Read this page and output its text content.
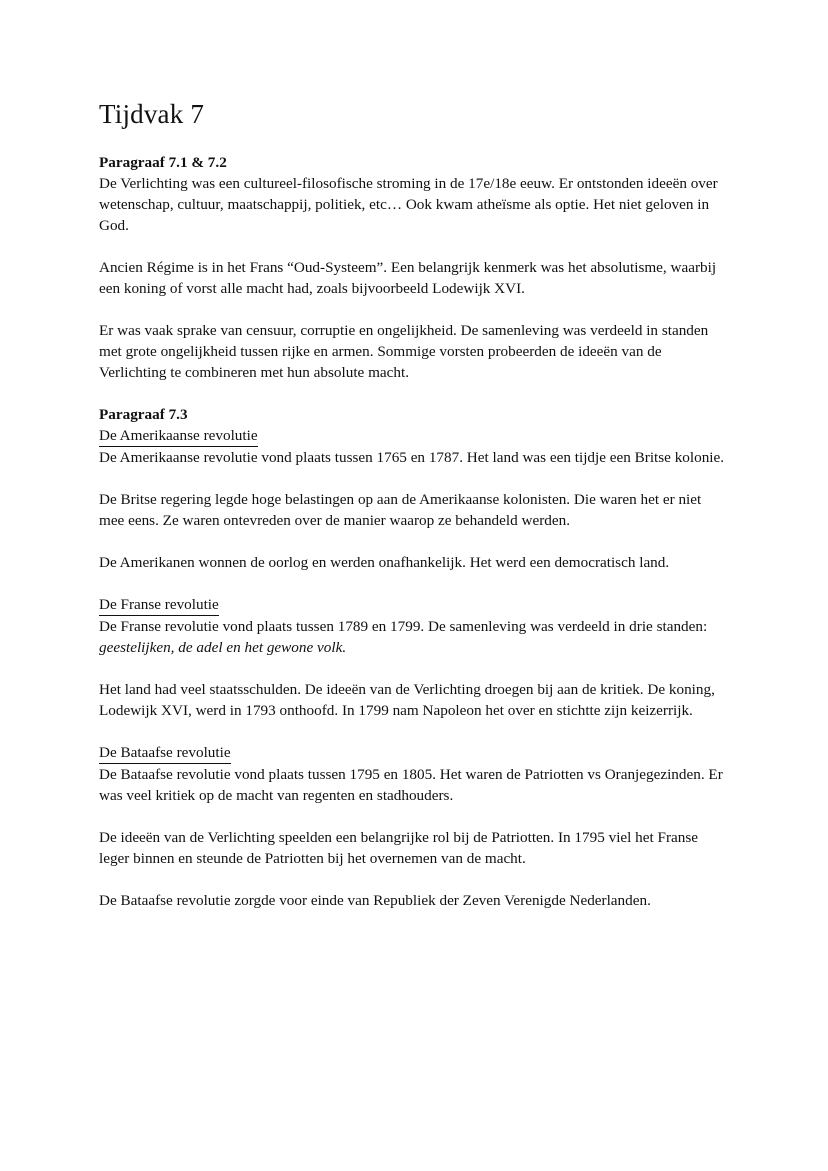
Tijdvak 7
Paragraaf 7.1 & 7.2

De Verlichting was een cultureel-filosofische stroming in de 17e/18e eeuw. Er ontstonden ideeën over wetenschap, cultuur, maatschappij, politiek, etc… Ook kwam atheïsme als optie. Het niet geloven in God.

Ancien Régime is in het Frans “Oud-Systeem”. Een belangrijk kenmerk was het absolutisme, waarbij een koning of vorst alle macht had, zoals bijvoorbeeld Lodewijk XVI.

Er was vaak sprake van censuur, corruptie en ongelijkheid. De samenleving was verdeeld in standen met grote ongelijkheid tussen rijke en armen. Sommige vorsten probeerden de ideeën van de Verlichting te combineren met hun absolute macht.

Paragraaf 7.3
De Amerikaanse revolutie

De Amerikaanse revolutie vond plaats tussen 1765 en 1787. Het land was een tijdje een Britse kolonie.

De Britse regering legde hoge belastingen op aan de Amerikaanse kolonisten. Die waren het er niet mee eens. Ze waren ontevreden over de manier waarop ze behandeld werden.

De Amerikanen wonnen de oorlog en werden onafhankelijk. Het werd een democratisch land.

De Franse revolutie

De Franse revolutie vond plaats tussen 1789 en 1799. De samenleving was verdeeld in drie standen: geestelijken, de adel en het gewone volk.

Het land had veel staatsschulden. De ideeën van de Verlichting droegen bij aan de kritiek. De koning, Lodewijk XVI, werd in 1793 onthoofd. In 1799 nam Napoleon het over en stichtte zijn keizerrijk.

De Bataafse revolutie

De Bataafse revolutie vond plaats tussen 1795 en 1805. Het waren de Patriotten vs Oranjegezinden. Er was veel kritiek op de macht van regenten en stadhouders.

De ideeën van de Verlichting speelden een belangrijke rol bij de Patriotten. In 1795 viel het Franse leger binnen en steunde de Patriotten bij het overnemen van de macht.

De Bataafse revolutie zorgde voor einde van Republiek der Zeven Verenigde Nederlanden.
